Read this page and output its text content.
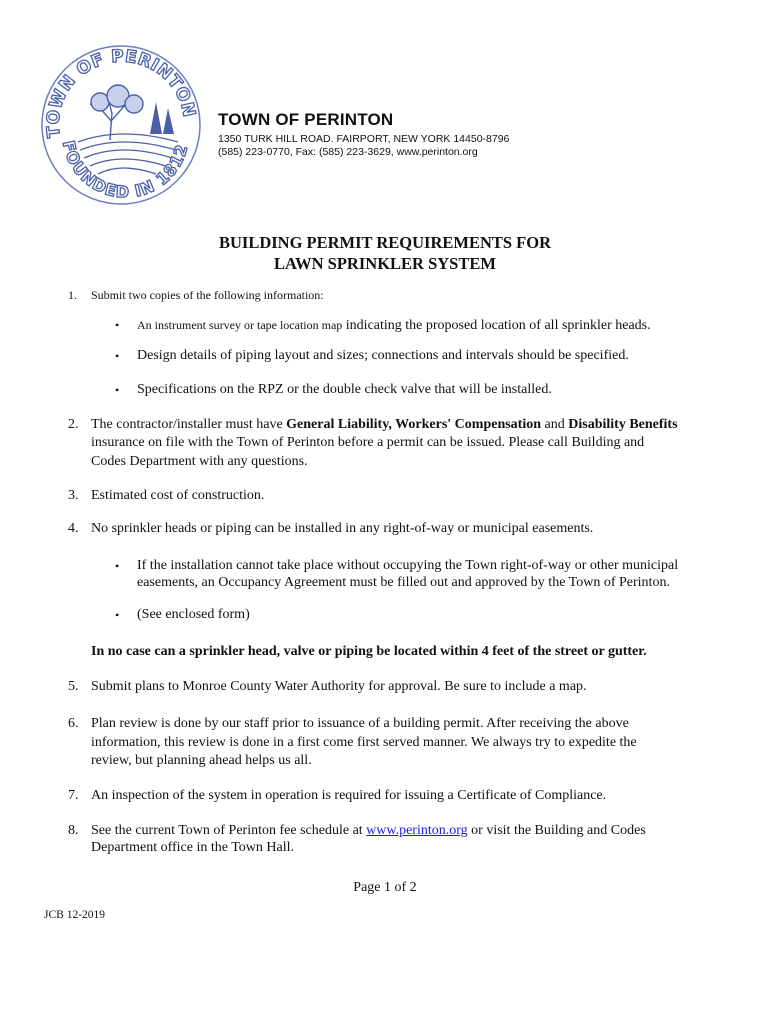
TOWN OF PERINTON
FOUNDED IN 1812
TOWN OF PERINTON
1350 TURK HILL ROAD. FAIRPORT, NEW YORK 14450-8796
(585) 223-0770, Fax: (585) 223-3629, www.perinton.org
BUILDING PERMIT REQUIREMENTS FOR
LAWN SPRINKLER SYSTEM
1. Submit two copies of the following information:
• An instrument survey or tape location map indicating the proposed location of all sprinkler heads.
• Design details of piping layout and sizes; connections and intervals should be specified.
• Specifications on the RPZ or the double check valve that will be installed.
2. The contractor/installer must have General Liability, Workers' Compensation and Disability Benefits
insurance on file with the Town of Perinton before a permit can be issued. Please call Building and
Codes Department with any questions.
3. Estimated cost of construction.
4. No sprinkler heads or piping can be installed in any right-of-way or municipal easements.
• If the installation cannot take place without occupying the Town right-of-way or other municipal
easements, an Occupancy Agreement must be filled out and approved by the Town of Perinton.
• (See enclosed form)
In no case can a sprinkler head, valve or piping be located within 4 feet of the street or gutter.
5. Submit plans to Monroe County Water Authority for approval. Be sure to include a map.
6. Plan review is done by our staff prior to issuance of a building permit. After receiving the above
information, this review is done in a first come first served manner. We always try to expedite the
review, but planning ahead helps us all.
7. An inspection of the system in operation is required for issuing a Certificate of Compliance.
8. See the current Town of Perinton fee schedule at www.perinton.org or visit the Building and Codes
Department office in the Town Hall.
Page 1 of 2
JCB 12-2019
